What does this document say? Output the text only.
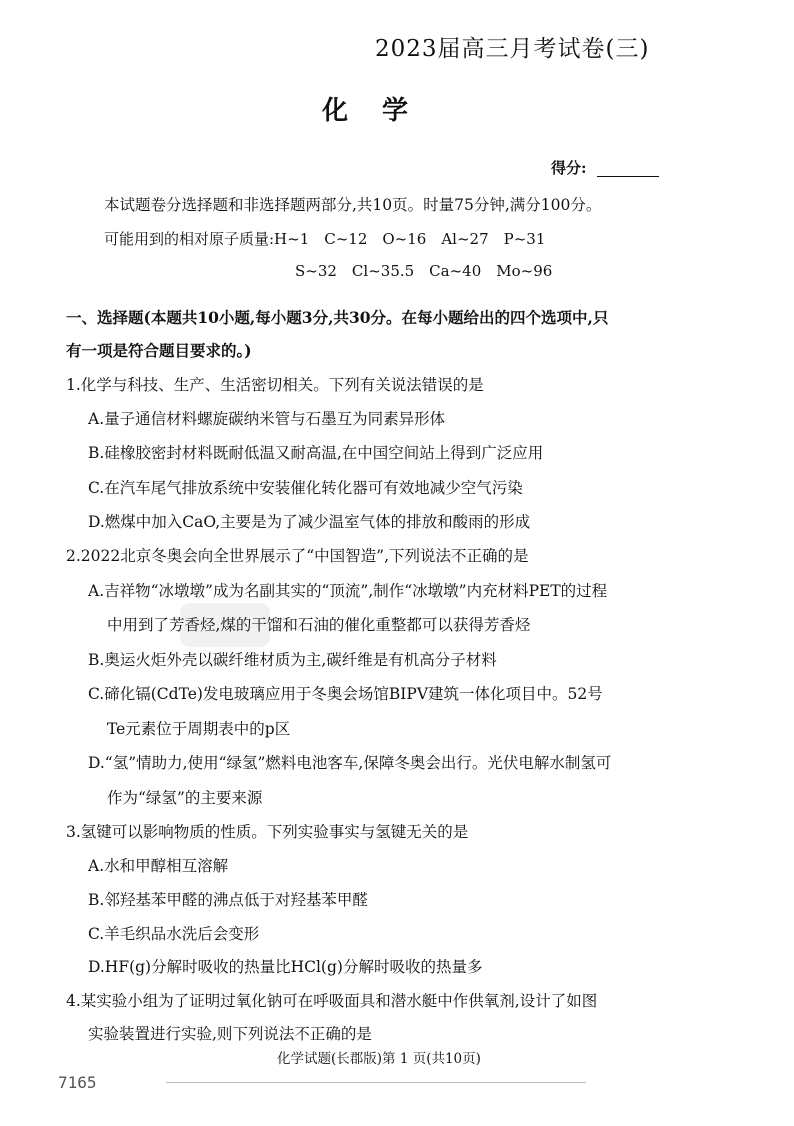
2023届高三月考试卷(三)
化学
得分:
本试题卷分选择题和非选择题两部分,共10页。时量75分钟,满分100分。
可能用到的相对原子质量:H~1　C~12　O~16　Al~27　P~31
S~32　Cl~35.5　Ca~40　Mo~96
一、选择题(本题共10小题,每小题3分,共30分。在每小题给出的四个选项中,只
有一项是符合题目要求的。)
1.化学与科技、生产、生活密切相关。下列有关说法错误的是
A.量子通信材料螺旋碳纳米管与石墨互为同素异形体
B.硅橡胶密封材料既耐低温又耐高温,在中国空间站上得到广泛应用
C.在汽车尾气排放系统中安装催化转化器可有效地减少空气污染
D.燃煤中加入CaO,主要是为了减少温室气体的排放和酸雨的形成
2.2022北京冬奥会向全世界展示了“中国智造”,下列说法不正确的是
A.吉祥物“冰墩墩”成为名副其实的“顶流”,制作“冰墩墩”内充材料PET的过程
中用到了芳香烃,煤的干馏和石油的催化重整都可以获得芳香烃
B.奥运火炬外壳以碳纤维材质为主,碳纤维是有机高分子材料
C.碲化镉(CdTe)发电玻璃应用于冬奥会场馆BIPV建筑一体化项目中。52号
Te元素位于周期表中的p区
D.“氢”情助力,使用“绿氢”燃料电池客车,保障冬奥会出行。光伏电解水制氢可
作为“绿氢”的主要来源
3.氢键可以影响物质的性质。下列实验事实与氢键无关的是
A.水和甲醇相互溶解
B.邻羟基苯甲醛的沸点低于对羟基苯甲醛
C.羊毛织品水洗后会变形
D.HF(g)分解时吸收的热量比HCl(g)分解时吸收的热量多
4.某实验小组为了证明过氧化钠可在呼吸面具和潜水艇中作供氧剂,设计了如图
实验装置进行实验,则下列说法不正确的是
化学试题(长郡版)第 1 页(共10页)
7165
